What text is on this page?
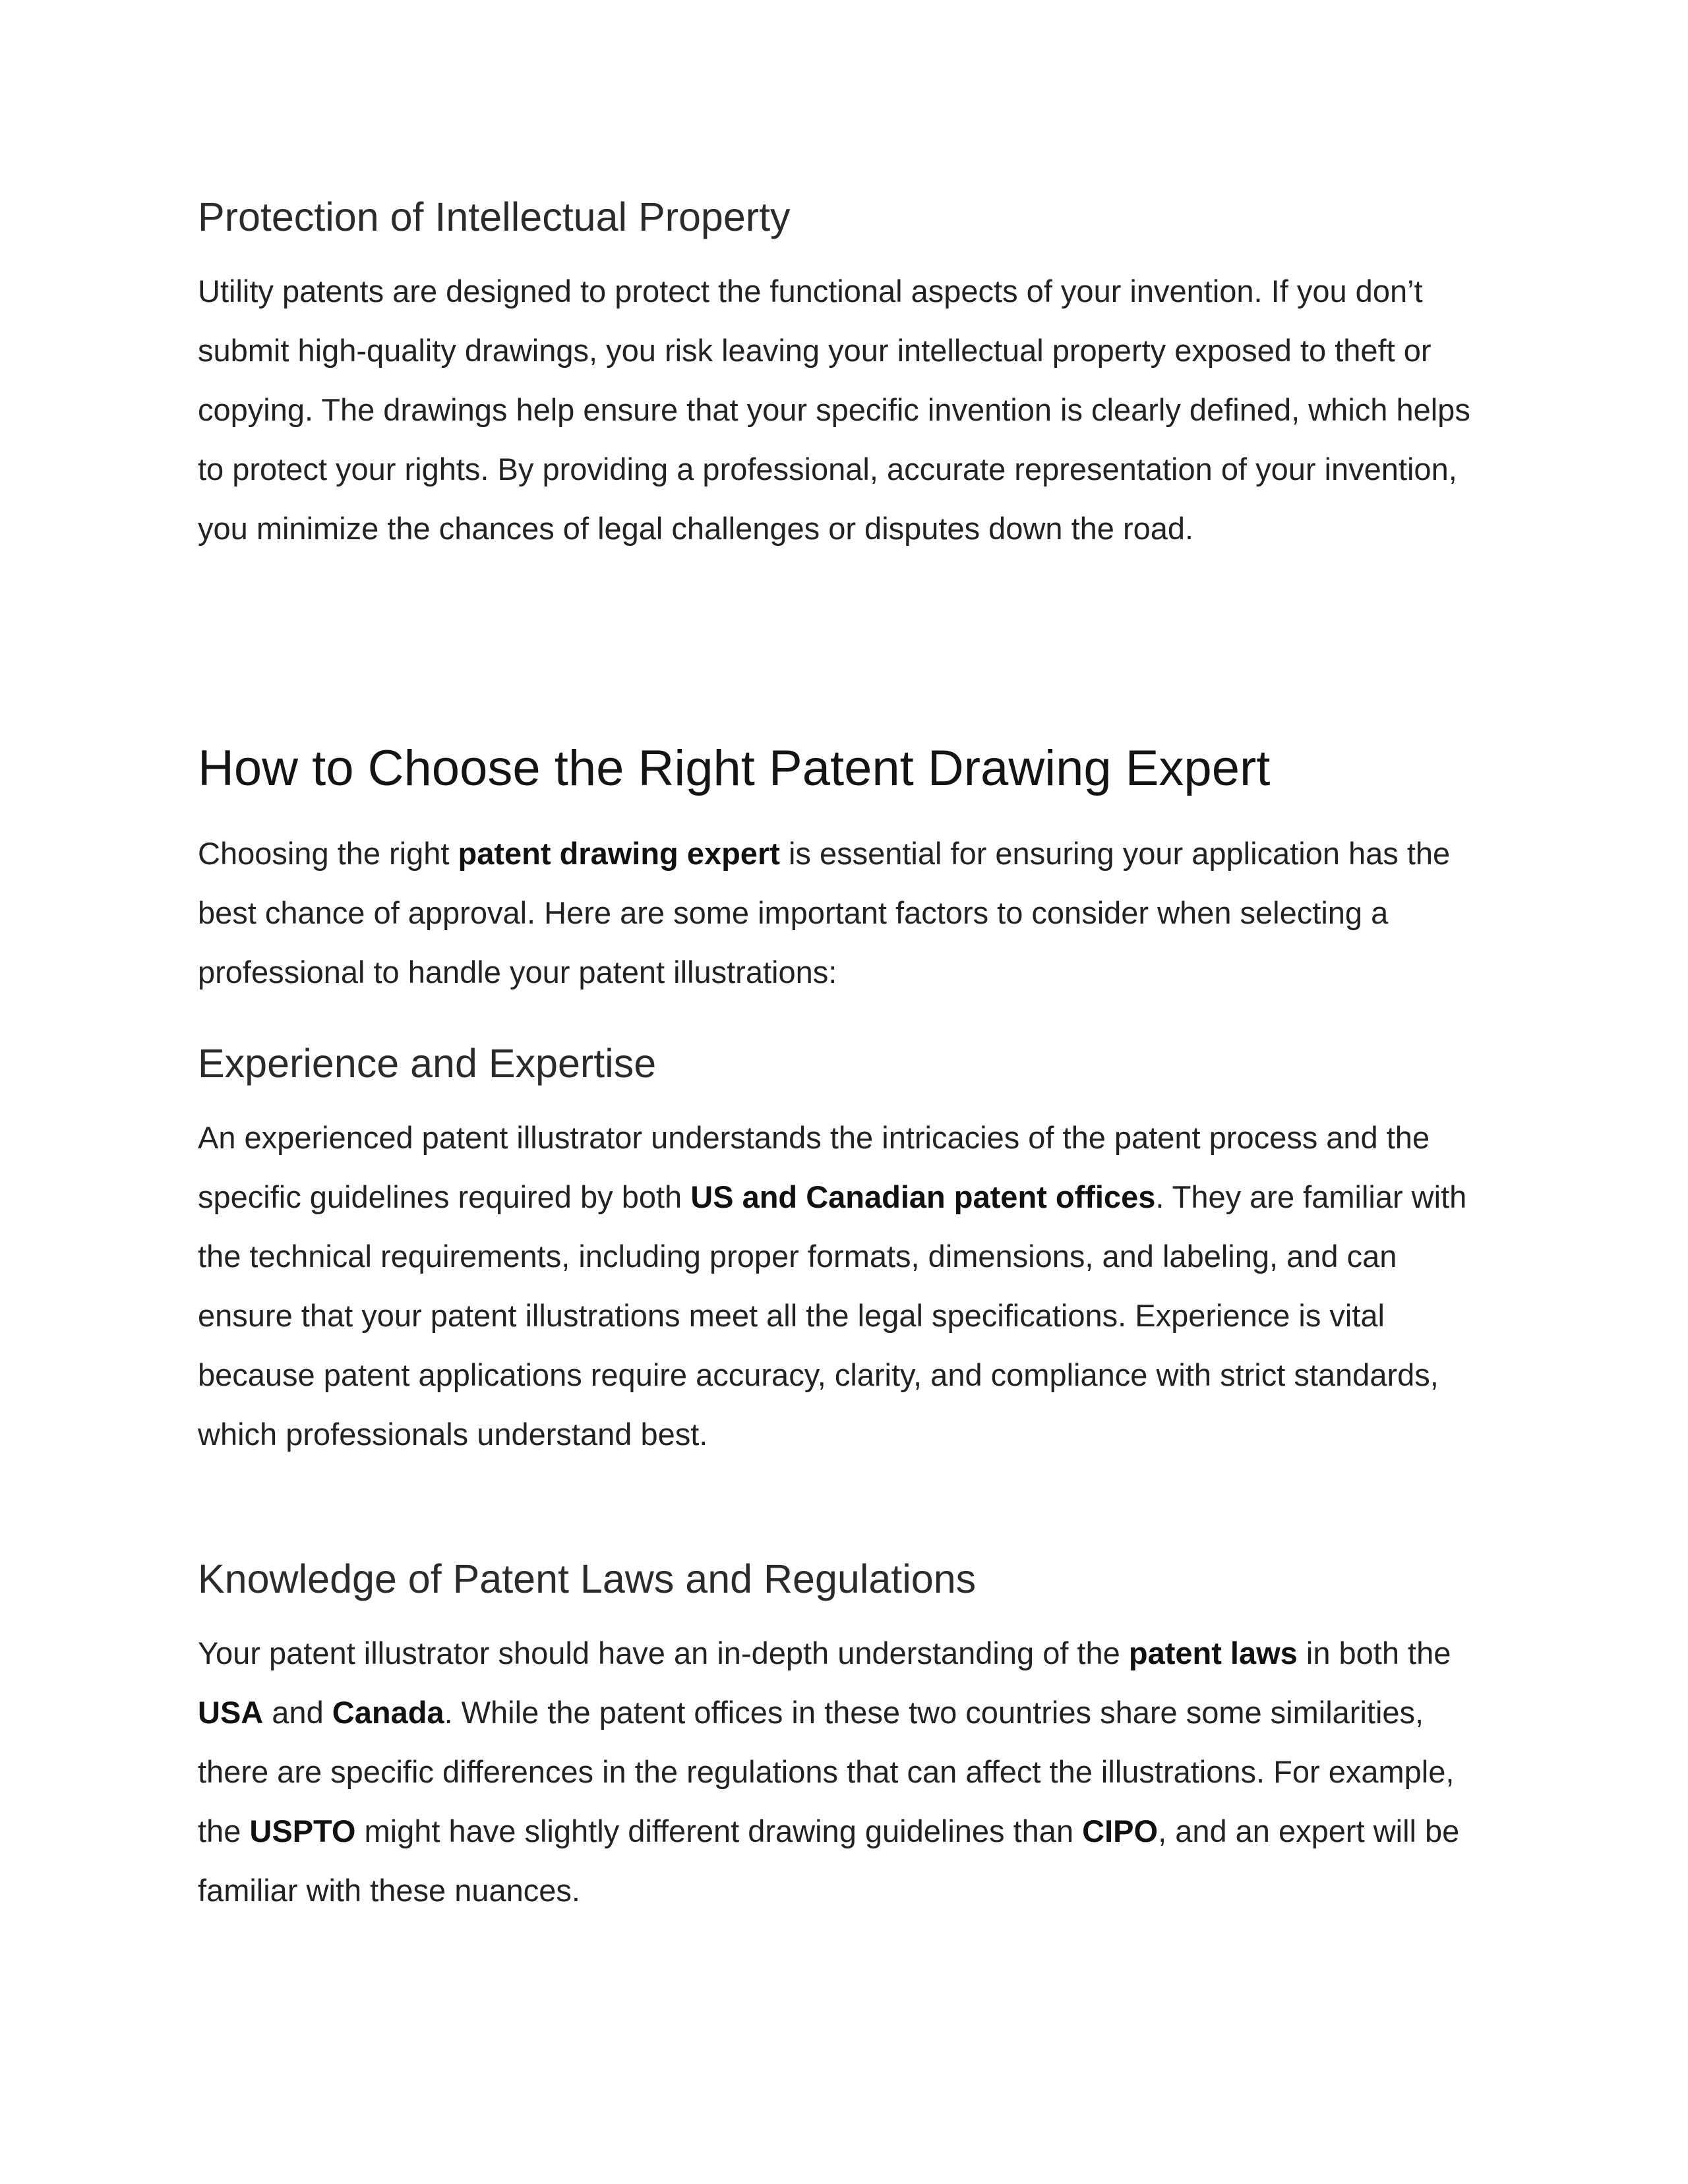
Protection of Intellectual Property

Utility patents are designed to protect the functional aspects of your invention. If you don’t submit high-quality drawings, you risk leaving your intellectual property exposed to theft or copying. The drawings help ensure that your specific invention is clearly defined, which helps to protect your rights. By providing a professional, accurate representation of your invention, you minimize the chances of legal challenges or disputes down the road.

How to Choose the Right Patent Drawing Expert

Choosing the right patent drawing expert is essential for ensuring your application has the best chance of approval. Here are some important factors to consider when selecting a professional to handle your patent illustrations:

Experience and Expertise

An experienced patent illustrator understands the intricacies of the patent process and the specific guidelines required by both US and Canadian patent offices. They are familiar with the technical requirements, including proper formats, dimensions, and labeling, and can ensure that your patent illustrations meet all the legal specifications. Experience is vital because patent applications require accuracy, clarity, and compliance with strict standards, which professionals understand best.

Knowledge of Patent Laws and Regulations

Your patent illustrator should have an in-depth understanding of the patent laws in both the USA and Canada. While the patent offices in these two countries share some similarities, there are specific differences in the regulations that can affect the illustrations. For example, the USPTO might have slightly different drawing guidelines than CIPO, and an expert will be familiar with these nuances.
